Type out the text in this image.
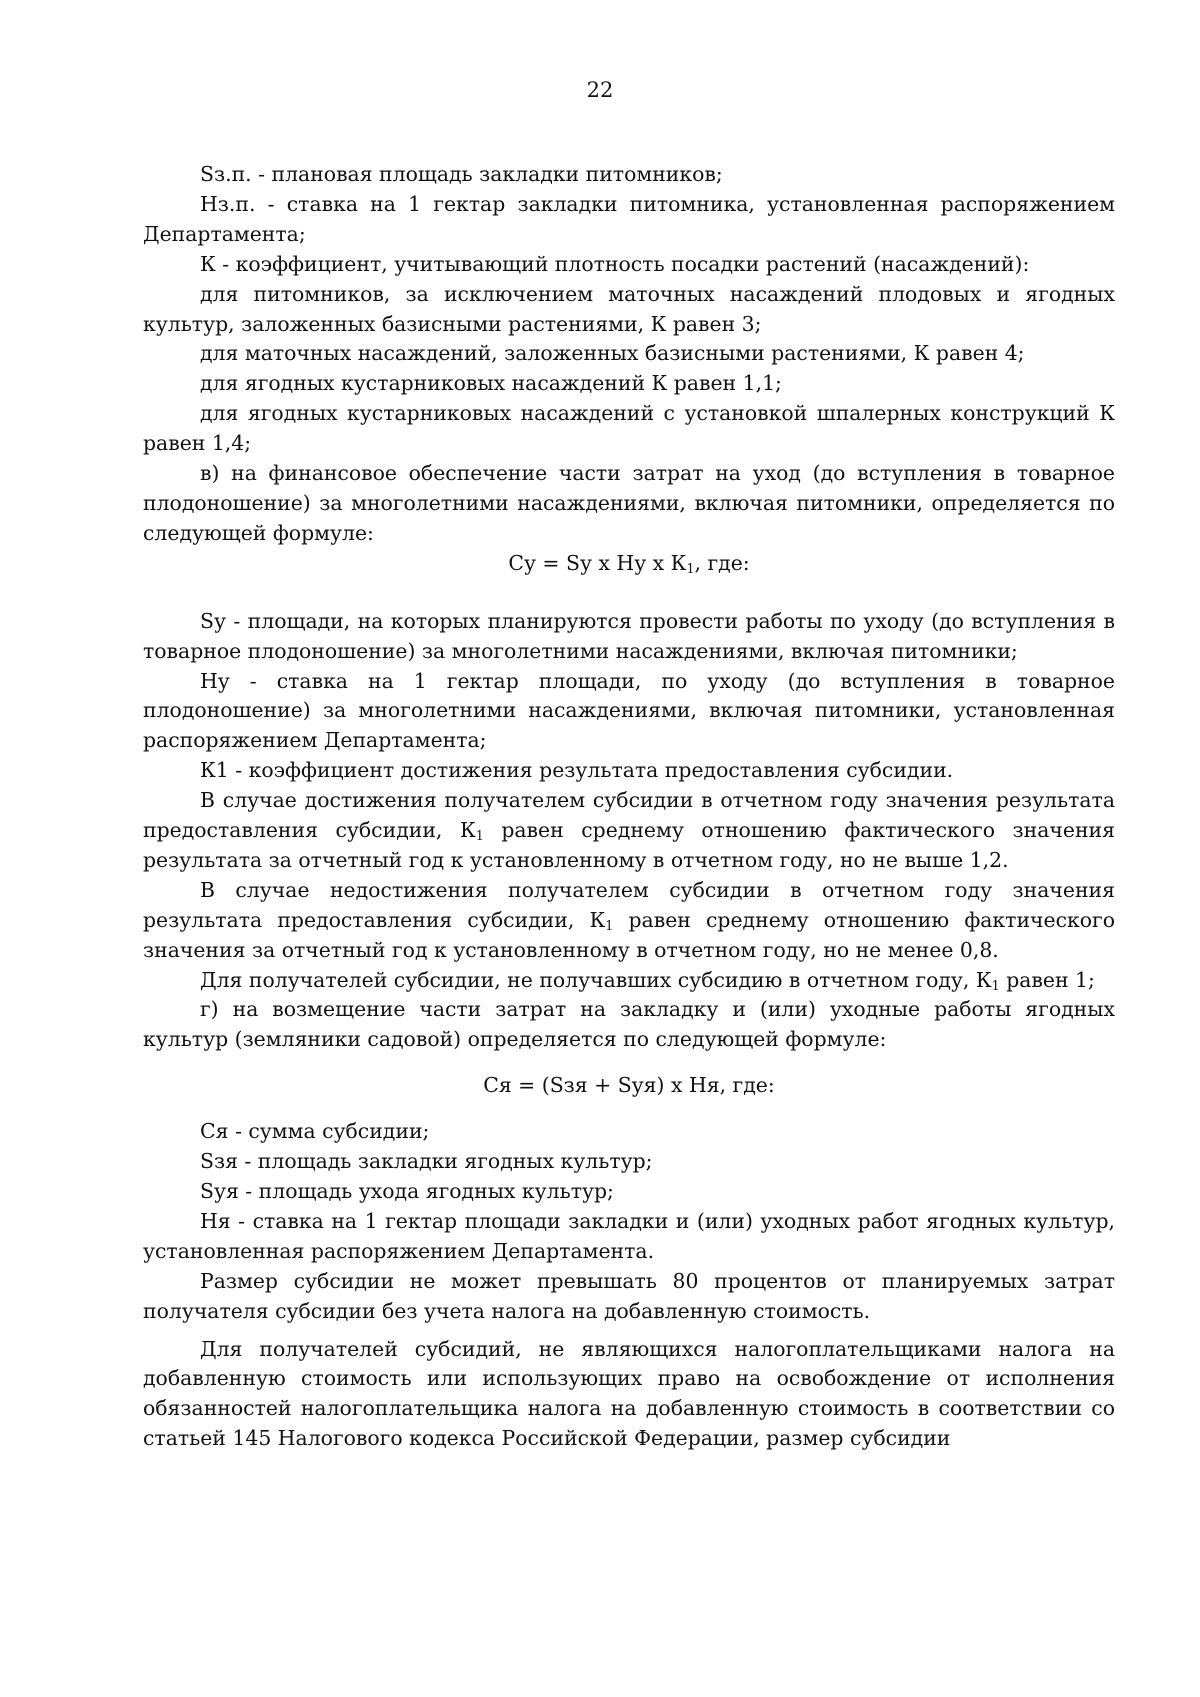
22

Sз.п. - плановая площадь закладки питомников;

Нз.п. - ставка на 1 гектар закладки питомника, установленная распоряжением Департамента;

К - коэффициент, учитывающий плотность посадки растений (насаждений):

для питомников, за исключением маточных насаждений плодовых и ягодных культур, заложенных базисными растениями, К равен 3;

для маточных насаждений, заложенных базисными растениями, К равен 4;

для ягодных кустарниковых насаждений К равен 1,1;

для ягодных кустарниковых насаждений с установкой шпалерных конструкций К равен 1,4;

в) на финансовое обеспечение части затрат на уход (до вступления в товарное плодоношение) за многолетними насаждениями, включая питомники, определяется по следующей формуле:

Су = Sу х Ну х $К_1$, где:

Sу - площади, на которых планируются провести работы по уходу (до вступления в товарное плодоношение) за многолетними насаждениями, включая питомники;

Ну - ставка на 1 гектар площади, по уходу (до вступления в товарное плодоношение) за многолетними насаждениями, включая питомники, установленная распоряжением Департамента;

К1 - коэффициент достижения результата предоставления субсидии.

В случае достижения получателем субсидии в отчетном году значения результата предоставления субсидии, $К_1$ равен среднему отношению фактического значения результата за отчетный год к установленному в отчетном году, но не выше 1,2.

В случае недостижения получателем субсидии в отчетном году значения результата предоставления субсидии, $К_1$ равен среднему отношению фактического значения за отчетный год к установленному в отчетном году, но не менее 0,8.

Для получателей субсидии, не получавших субсидию в отчетном году, $К_1$ равен 1;

г) на возмещение части затрат на закладку и (или) уходные работы ягодных культур (земляники садовой) определяется по следующей формуле:

Ся = (Sзя + Sуя) х Ня, где:

Ся - сумма субсидии;

Sзя - площадь закладки ягодных культур;

Sуя - площадь ухода ягодных культур;

Ня - ставка на 1 гектар площади закладки и (или) уходных работ ягодных культур, установленная распоряжением Департамента.

Размер субсидии не может превышать 80 процентов от планируемых затрат получателя субсидии без учета налога на добавленную стоимость.

Для получателей субсидий, не являющихся налогоплательщиками налога на добавленную стоимость или использующих право на освобождение от исполнения обязанностей налогоплательщика налога на добавленную стоимость в соответствии со статьей 145 Налогового кодекса Российской Федерации, размер субсидии
